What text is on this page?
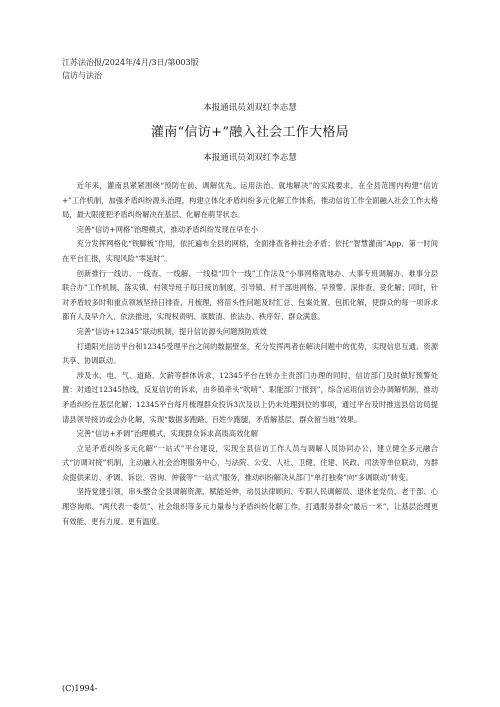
江苏法治报/2024年/4月/3日/第003版
信访与法治
本报通讯员刘双红李志慧
灌南“信访+”融入社会工作大格局
本报通讯员刘双红李志慧

近年来，灌南县紧紧围绕“预防在前、调解优先、运用法治、就地解决”的实践要求，在全县范围内构建“信访+”工作机制，加强矛盾纠纷源头治理，构建立体化矛盾纠纷多元化解工作体系，推动信访工作全面融入社会工作大格局，最大限度把矛盾纠纷解决在基层、化解在萌芽状态。

完善“信访+网格”治理模式，推动矛盾纠纷发现在早在小

充分发挥网格化“铁脚板”作用，依托遍布全县的网格，全面排查各种社会矛盾；依托“智慧灌南”App，第一时间在平台汇报，实现风险“零延时”。

创新推行一线访、一线查、一线解、一线稳“四个一线”工作法及“小事网格就地办、大事专班调解办、难事分层联合办”工作机制，落实镇、村领导班子每日接访制度，引导镇、村干部进网格、早预警、深排查、妥化解；同时，针对矛盾较多时和重点领域坚持日排查、月梳理，将苗头性问题及时汇总、包案处置、包抓化解，使群众的每一项诉求都有人及早介入、依法推进，实现权责明、底数清、依法办、秩序好、群众满意。

完善“信访+12345”联动机制，提升信访源头问题预防质效

打通阳光信访平台和12345受理平台之间的数据壁垒，充分发挥两者在解决问题中的优势，实现信息互通、资源共享、协调联动。

涉及水、电、气、道路、欠薪等群体诉求，12345平台在转办主责部门办理的同时，信访部门及时做好预警处置：对通过12345热线，反复信访的诉求，由乡镇牵头“吹哨”、职能部门“报到”，综合运用信访会办调解机制，推动矛盾纠纷在基层化解；12345平台每月梳理群众投诉3次及以上仍未处理到位的事项，通过平台及时推送县信访局提请县领导接访或会办化解，实现“数据多跑路、百姓少跑腿，矛盾解基层、群众留当地”效果。

完善“信访+矛调”治理模式，实现群众诉求高质高效化解

立足矛盾纠纷多元化解“一站式”平台建设，实现全县信访工作人员与调解人员协同办公，建立健全多元融合式“访调对接”机制，主动融入社会治理服务中心，与法院、公安、人社、卫健、住建、民政、司法等单位联动，为群众提供来访、矛调、诉讼、咨询、仲裁等“一站式”服务，推动纠纷解决从部门“单打独奏”向“多调联动”转变。

坚持党建引领，串头整合全县调解资源，赋能延伸，动员法律顾问、专职人民调解员、退休老党员、老干部、心理咨询师、“两代表一委员”、社会组织等多元力量参与矛盾纠纷化解工作，打通服务群众“最后一米”，让基层治理更有效能、更有力度、更有温度。

(C)1994-
